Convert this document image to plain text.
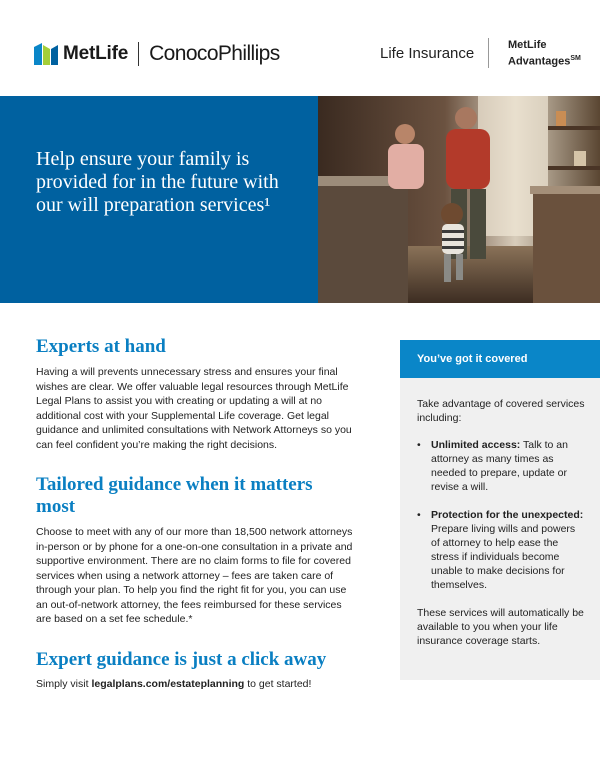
MetLife ConocoPhillips	Life Insurance	MetLife
Advantages℠
Help ensure your family is provided for in the future with our will preparation services¹
Experts at hand

Having a will prevents unnecessary stress and ensures your final wishes are clear. We offer valuable legal resources through MetLife Legal Plans to assist you with creating or updating a will at no additional cost with your Supplemental Life coverage. Get legal guidance and unlimited consultations with Network Attorneys so you can feel confident you’re making the right decisions.

Tailored guidance when it matters most

Choose to meet with any of our more than 18,500 network attorneys in-person or by phone for a one-on-one consultation in a private and supportive environment. There are no claim forms to file for covered services when using a network attorney – fees are taken care of through your plan. To help you find the right fit for you, you can use an out-of-network attorney, the fees reimbursed for these services are based on a set fee schedule.*

Expert guidance is just a click away

Simply visit legalplans.com/estateplanning to get started!

You’ve got it covered
Take advantage of covered services including:
• Unlimited access: Talk to an attorney as many times as needed to prepare, update or revise a will.
• Protection for the unexpected: Prepare living wills and powers of attorney to help ease the stress if individuals become unable to make decisions for themselves.
These services will automatically be available to you when your life insurance coverage starts.
